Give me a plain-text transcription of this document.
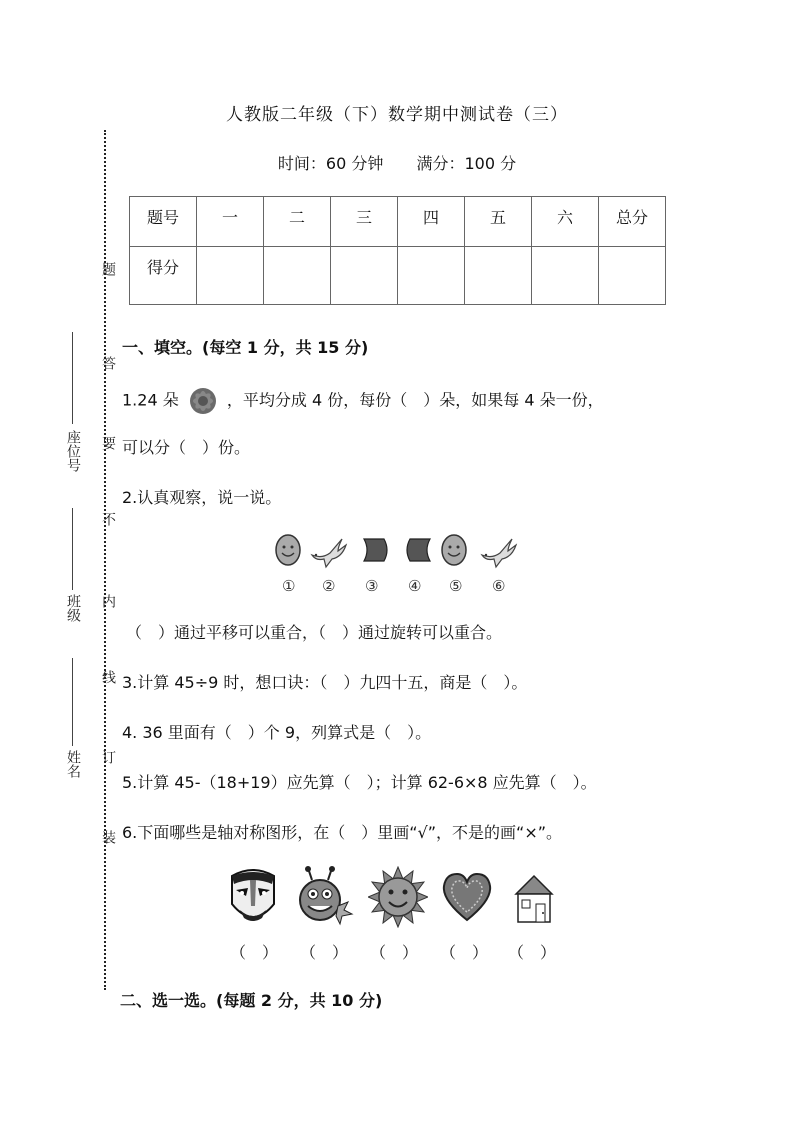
人教版二年级（下）数学期中测试卷（三）
时间：60 分钟 满分：100 分
题号	一	二	三	四	五	六	总分
得分							
题
答
要
不
内
线
订
装
座位号
班级
姓名
一、填空。(每空 1 分，共 15 分)
1.24 朵	，平均分成 4 份，每份（　）朵，如果每 4 朵一份，
可以分（　）份。
2.认真观察，说一说。
① ② ③ ④ ⑤ ⑥
（　）通过平移可以重合，（　）通过旋转可以重合。
3.计算 45÷9 时，想口诀：（　）九四十五，商是（　）。
4. 36 里面有（　）个 9，列算式是（　）。
5.计算 45-（18+19）应先算（　）；计算 62-6×8 应先算（　）。
6.下面哪些是轴对称图形，在（　）里画“√”，不是的画“×”。
（　） （　） （　） （　） （　）
二、选一选。(每题 2 分，共 10 分)
